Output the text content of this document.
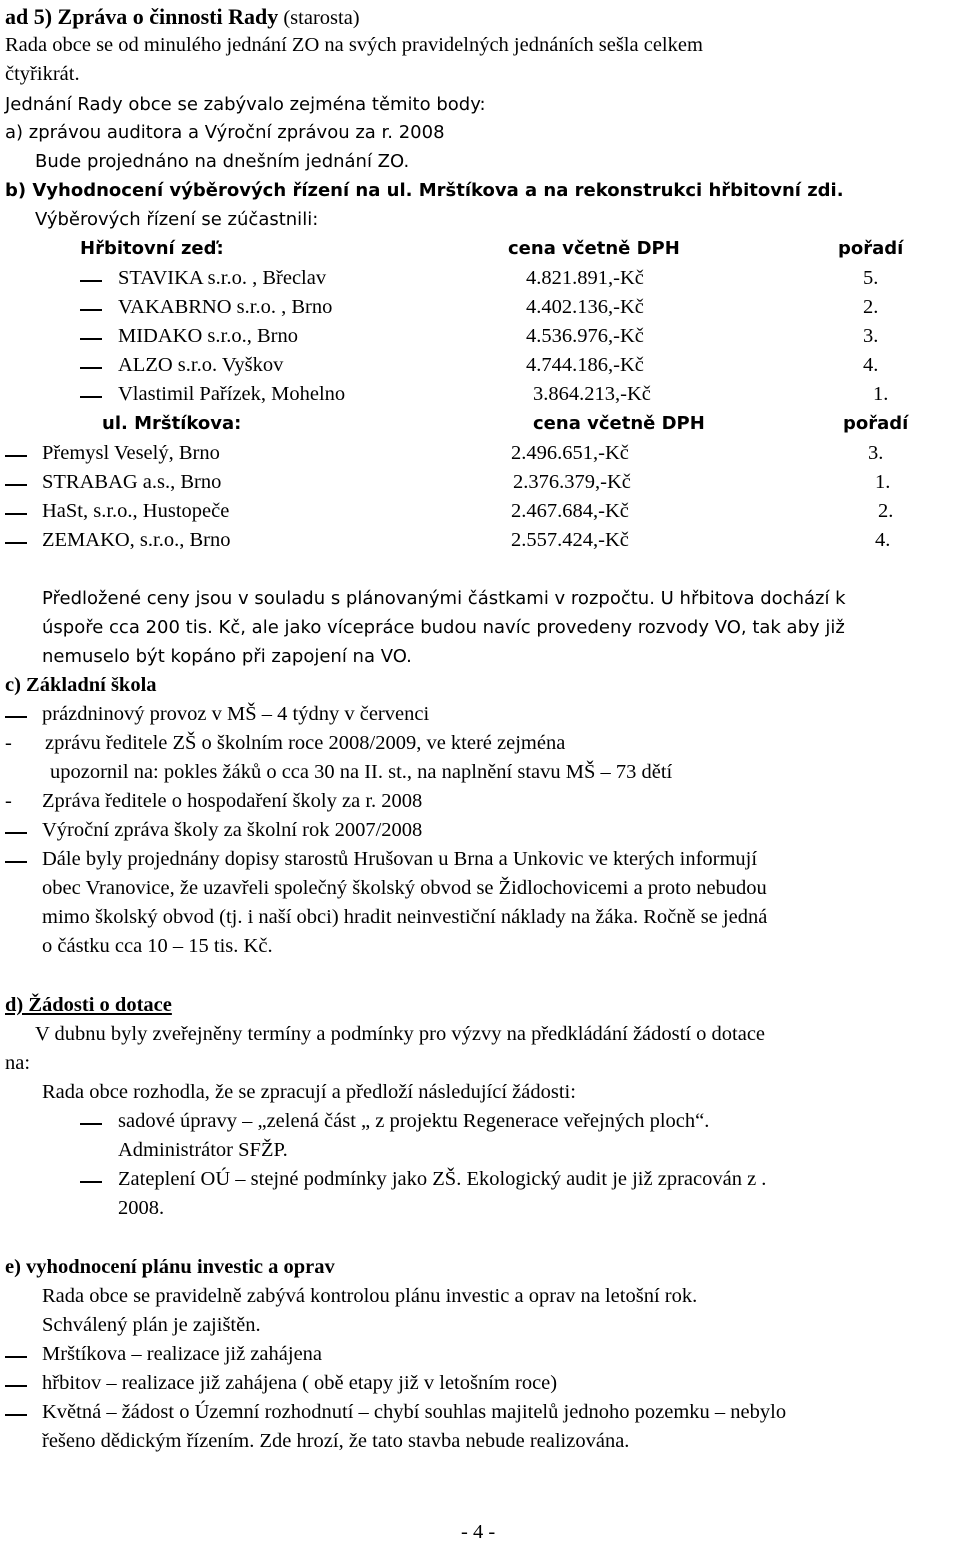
ad 5) Zpráva o činnosti Rady (starosta)
Rada obce se od minulého jednání ZO na svých pravidelných jednáních sešla celkem
čtyřikrát.
Jednání Rady obce se zabývalo zejména těmito body:
a) zprávou auditora a Výroční zprávou za r. 2008
Bude projednáno na dnešním jednání ZO.
b) Vyhodnocení výběrových řízení na ul. Mrštíkova a na rekonstrukci hřbitovní zdi.
Výběrových řízení se zúčastnili:
Hřbitovní zeď:	cena včetně DPH	pořadí
STAVIKA s.r.o. , Břeclav	4.821.891,-Kč	5.
VAKABRNO s.r.o. , Brno	4.402.136,-Kč	2.
MIDAKO s.r.o., Brno	4.536.976,-Kč	3.
ALZO s.r.o. Vyškov	4.744.186,-Kč	4.
Vlastimil Pařízek, Mohelno	3.864.213,-Kč	1.
ul. Mrštíkova:	cena včetně DPH	pořadí
Přemysl Veselý, Brno	2.496.651,-Kč	3.
STRABAG a.s., Brno	2.376.379,-Kč	1.
HaSt, s.r.o., Hustopeče	2.467.684,-Kč	2.
ZEMAKO, s.r.o., Brno	2.557.424,-Kč	4.
Předložené ceny jsou v souladu s plánovanými částkami v rozpočtu. U hřbitova dochází k
úspoře cca 200 tis. Kč, ale jako vícepráce budou navíc provedeny rozvody VO, tak aby již
nemuselo být kopáno při zapojení na VO.
c) Základní škola
prázdninový provoz v MŠ – 4 týdny v červenci
- zprávu ředitele ZŠ o školním roce 2008/2009, ve které zejména
upozornil na: pokles žáků o cca 30 na II. st., na naplnění stavu MŠ – 73 dětí
- Zpráva ředitele o hospodaření školy za r. 2008
Výroční zpráva školy za školní rok 2007/2008
Dále byly projednány dopisy starostů Hrušovan u Brna a Unkovic ve kterých informují
obec Vranovice, že uzavřeli společný školský obvod se Židlochovicemi a proto nebudou
mimo školský obvod (tj. i naší obci) hradit neinvestiční náklady na žáka. Ročně se jedná
o částku cca 10 – 15 tis. Kč.
d) Žádosti o dotace
V dubnu byly zveřejněny termíny a podmínky pro výzvy na předkládání žádostí o dotace
na:
Rada obce rozhodla, že se zpracují a předloží následující žádosti:
sadové úpravy – „zelená část „ z projektu Regenerace veřejných ploch“.
Administrátor SFŽP.
Zateplení OÚ – stejné podmínky jako ZŠ. Ekologický audit je již zpracován z .
2008.
e) vyhodnocení plánu investic a oprav
Rada obce se pravidelně zabývá kontrolou plánu investic a oprav na letošní rok.
Schválený plán je zajištěn.
Mrštíkova – realizace již zahájena
hřbitov – realizace již zahájena ( obě etapy již v letošním roce)
Květná – žádost o Územní rozhodnutí – chybí souhlas majitelů jednoho pozemku – nebylo
řešeno dědickým řízením. Zde hrozí, že tato stavba nebude realizována.
- 4 -
